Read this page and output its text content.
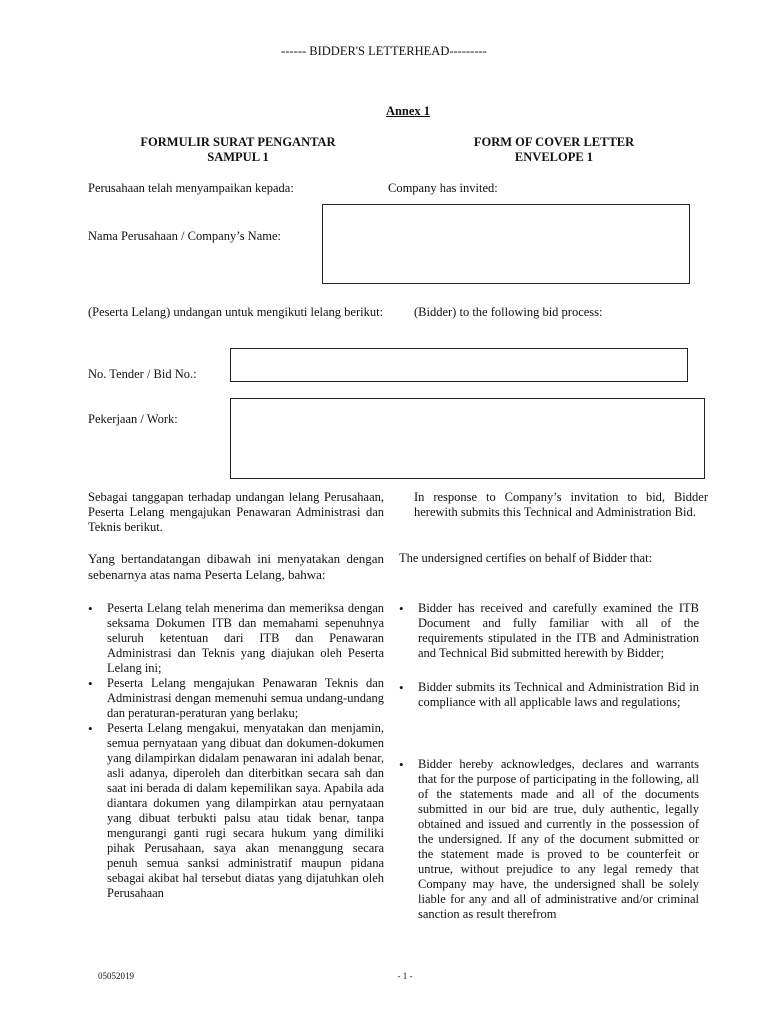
------ BIDDER'S LETTERHEAD---------
Annex 1
FORMULIR SURAT PENGANTAR
SAMPUL 1
FORM OF COVER LETTER
ENVELOPE 1
Perusahaan telah menyampaikan kepada:	Company has invited:
Nama Perusahaan / Company’s Name:
(Peserta Lelang) undangan untuk mengikuti lelang berikut: (Bidder) to the following bid process:
No. Tender / Bid No.:
Pekerjaan / Work:
Sebagai tanggapan terhadap undangan lelang Perusahaan, Peserta Lelang mengajukan Penawaran Administrasi dan Teknis berikut.
In response to Company’s invitation to bid, Bidder herewith submits this Technical and Administration Bid.
Yang bertandatangan dibawah ini menyatakan dengan sebenarnya atas nama Peserta Lelang, bahwa:
The undersigned certifies on behalf of Bidder that:
• Peserta Lelang telah menerima dan memeriksa dengan seksama Dokumen ITB dan memahami sepenuhnya seluruh ketentuan dari ITB dan Penawaran Administrasi dan Teknis yang diajukan oleh Peserta Lelang ini;
• Peserta Lelang mengajukan Penawaran Teknis dan Administrasi dengan memenuhi semua undang-undang dan peraturan-peraturan yang berlaku;
• Peserta Lelang mengakui, menyatakan dan menjamin, semua pernyataan yang dibuat dan dokumen-dokumen yang dilampirkan didalam penawaran ini adalah benar, asli adanya, diperoleh dan diterbitkan secara sah dan saat ini berada di dalam kepemilikan saya. Apabila ada diantara dokumen yang dilampirkan atau pernyataan yang dibuat terbukti palsu atau tidak benar, tanpa mengurangi ganti rugi secara hukum yang dimiliki pihak Perusahaan, saya akan menanggung secara penuh semua sanksi administratif maupun pidana sebagai akibat hal tersebut diatas yang dijatuhkan oleh Perusahaan
• Bidder has received and carefully examined the ITB Document and fully familiar with all of the requirements stipulated in the ITB and Administration and Technical Bid submitted herewith by Bidder;
• Bidder submits its Technical and Administration Bid in compliance with all applicable laws and regulations;
• Bidder hereby acknowledges, declares and warrants that for the purpose of participating in the following, all of the statements made and all of the documents submitted in our bid are true, duly authentic, legally obtained and issued and currently in the possession of the undersigned. If any of the document submitted or the statement made is proved to be counterfeit or untrue, without prejudice to any legal remedy that Company may have, the undersigned shall be solely liable for any and all of administrative and/or criminal sanction as result therefrom
05052019	- 1 -
